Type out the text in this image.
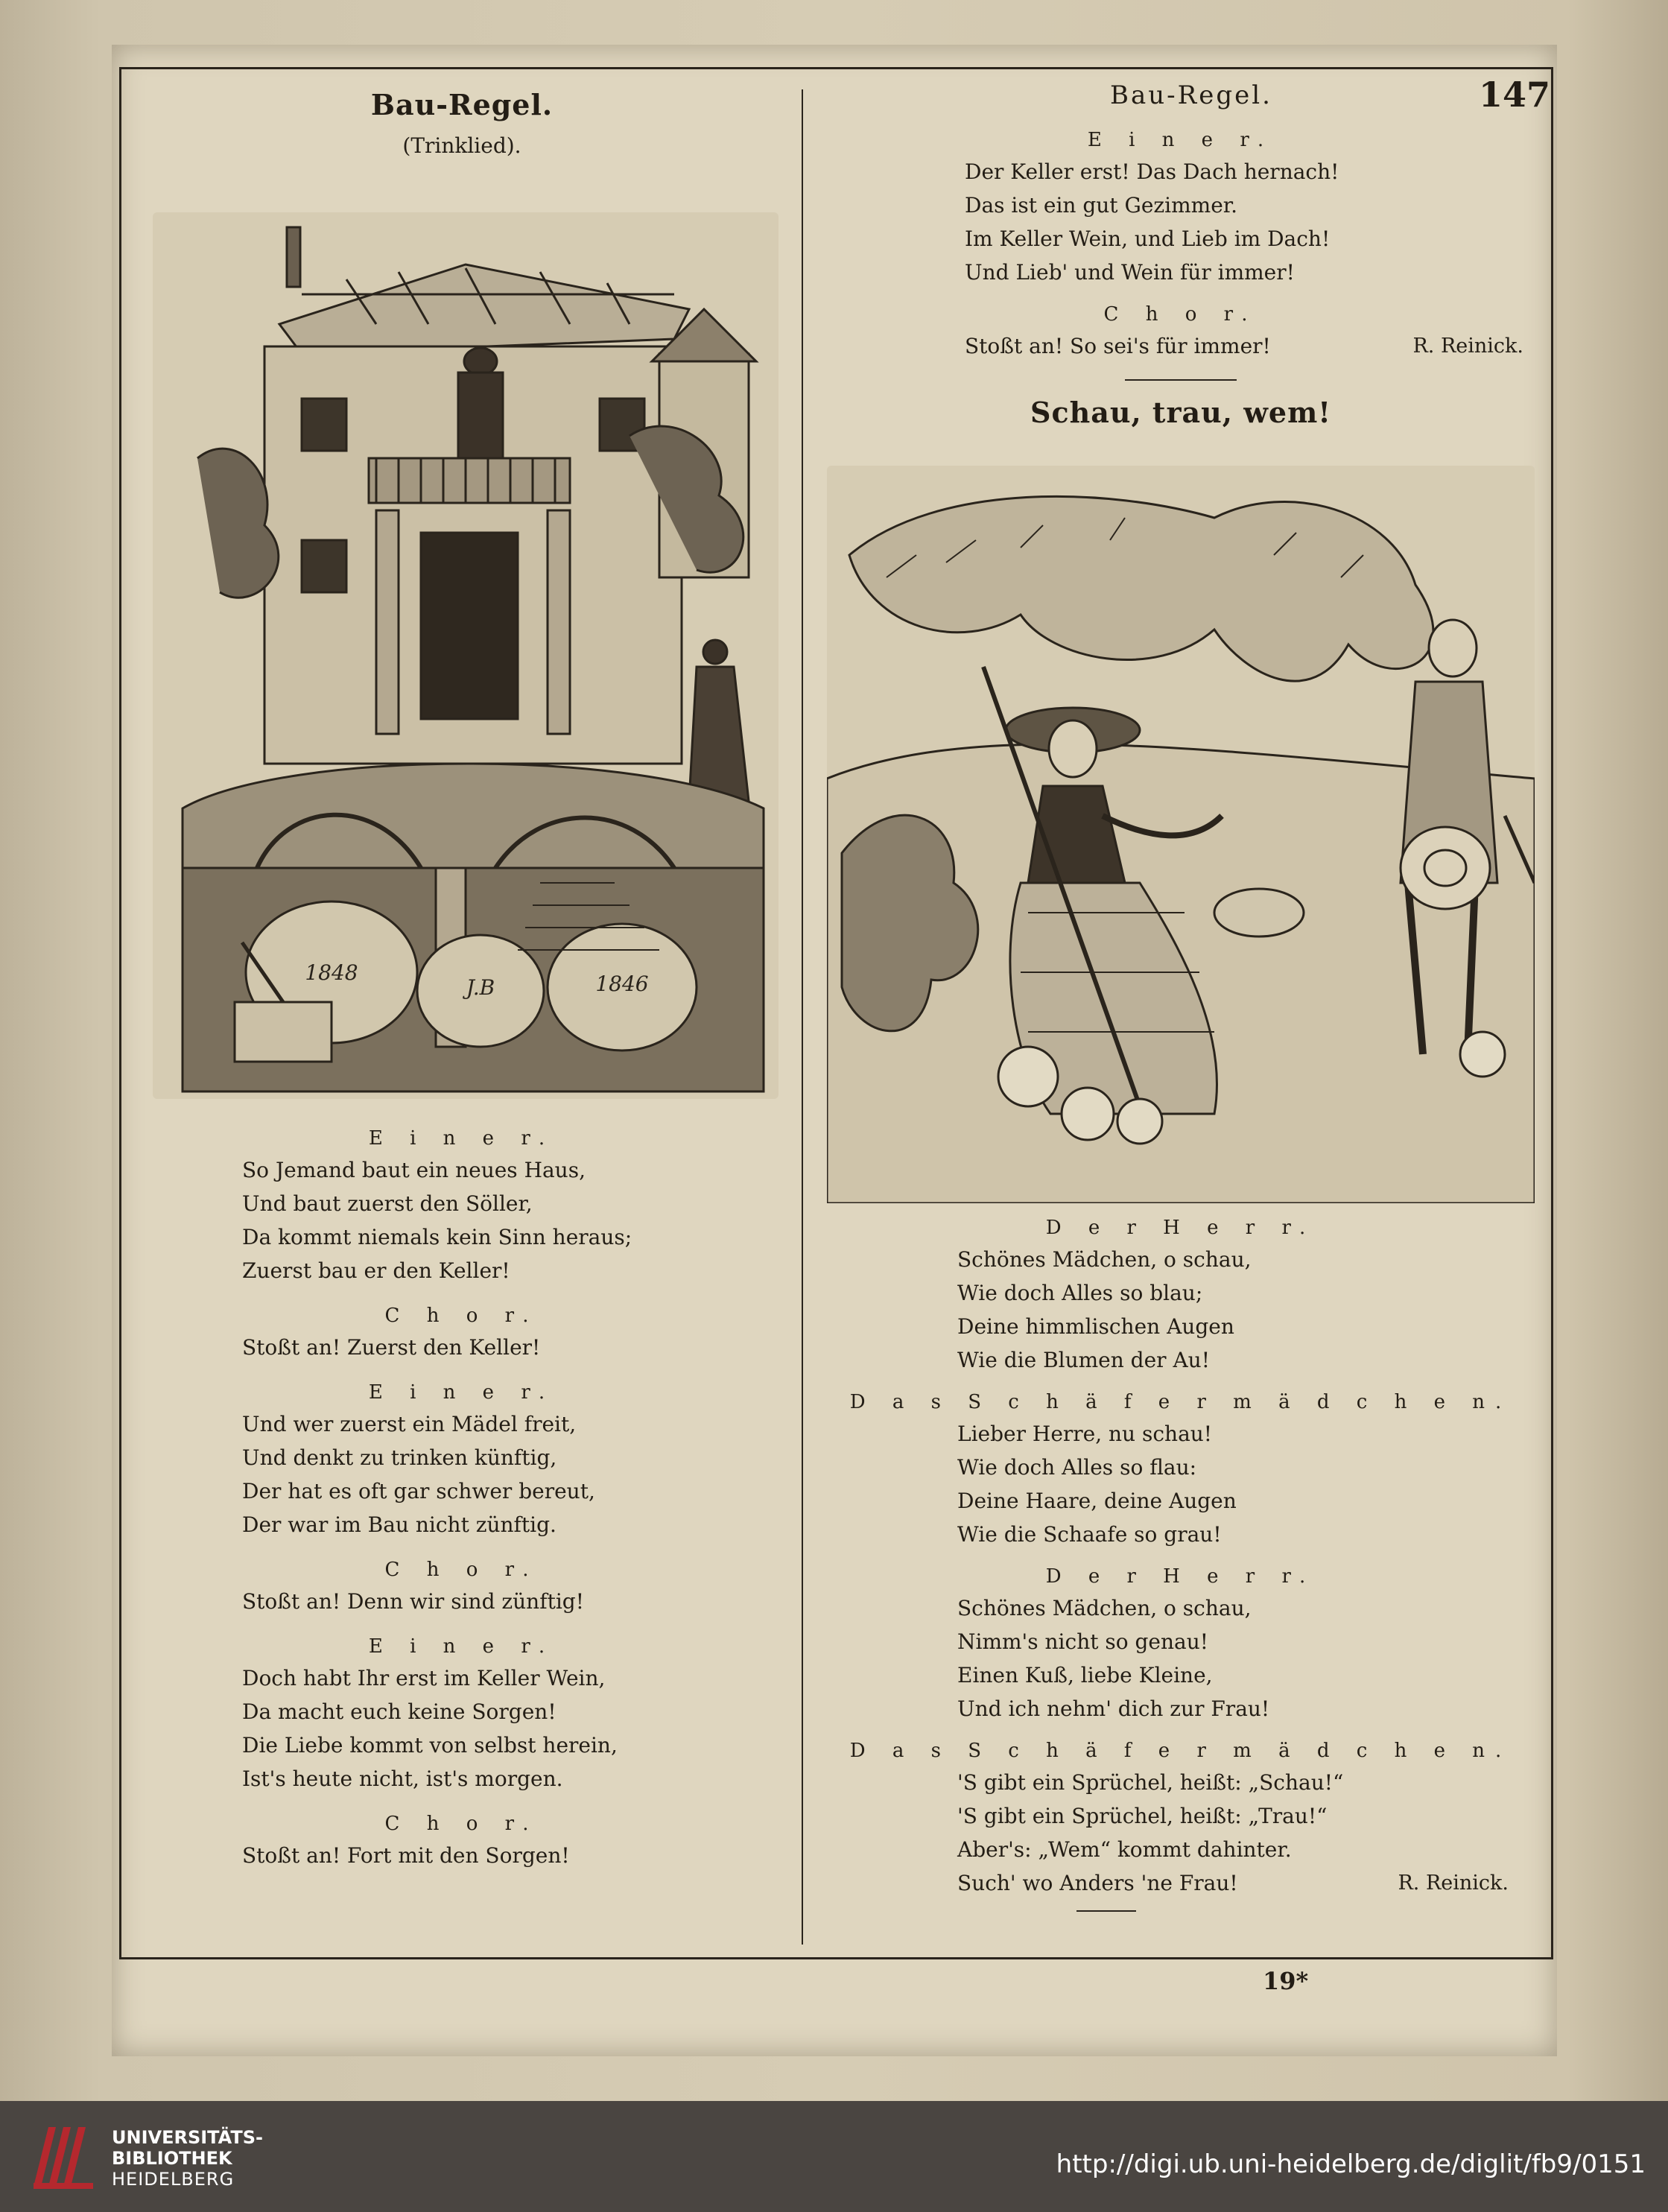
Bau-Regel.	147

Bau-Regel.

(Trinklied).

1848
J.B	1846

E i n e r.

So Jemand baut ein neues Haus,

Und baut zuerst den Söller,

Da kommt niemals kein Sinn heraus;

Zuerst bau er den Keller!

C h o r.

Stoßt an! Zuerst den Keller!

E i n e r.

Und wer zuerst ein Mädel freit,

Und denkt zu trinken künftig,

Der hat es oft gar schwer bereut,

Der war im Bau nicht zünftig.

C h o r.

Stoßt an! Denn wir sind zünftig!

E i n e r.

Doch habt Ihr erst im Keller Wein,

Da macht euch keine Sorgen!

Die Liebe kommt von selbst herein,

Ist's heute nicht, ist's morgen.

C h o r.

Stoßt an! Fort mit den Sorgen!

E i n e r.

Der Keller erst! Das Dach hernach!

Das ist ein gut Gezimmer.

Im Keller Wein, und Lieb im Dach!

Und Lieb' und Wein für immer!

C h o r.

Stoßt an! So sei's für immer!	R. Reinick.

Schau, trau, wem!

D e r H e r r.

Schönes Mädchen, o schau,

Wie doch Alles so blau;

Deine himmlischen Augen

Wie die Blumen der Au!

D a s S c h ä f e r m ä d c h e n.

Lieber Herre, nu schau!

Wie doch Alles so flau:

Deine Haare, deine Augen

Wie die Schaafe so grau!

D e r H e r r.

Schönes Mädchen, o schau,

Nimm's nicht so genau!

Einen Kuß, liebe Kleine,

Und ich nehm' dich zur Frau!

D a s S c h ä f e r m ä d c h e n.

'S gibt ein Sprüchel, heißt: „Schau!“

'S gibt ein Sprüchel, heißt: „Trau!“

Aber's: „Wem“ kommt dahinter.

Such' wo Anders 'ne Frau!	R. Reinick.
19*
UNIVERSITÄTS-
BIBLIOTHEK
HEIDELBERG	http://digi.ub.uni-heidelberg.de/diglit/fb9/0151
